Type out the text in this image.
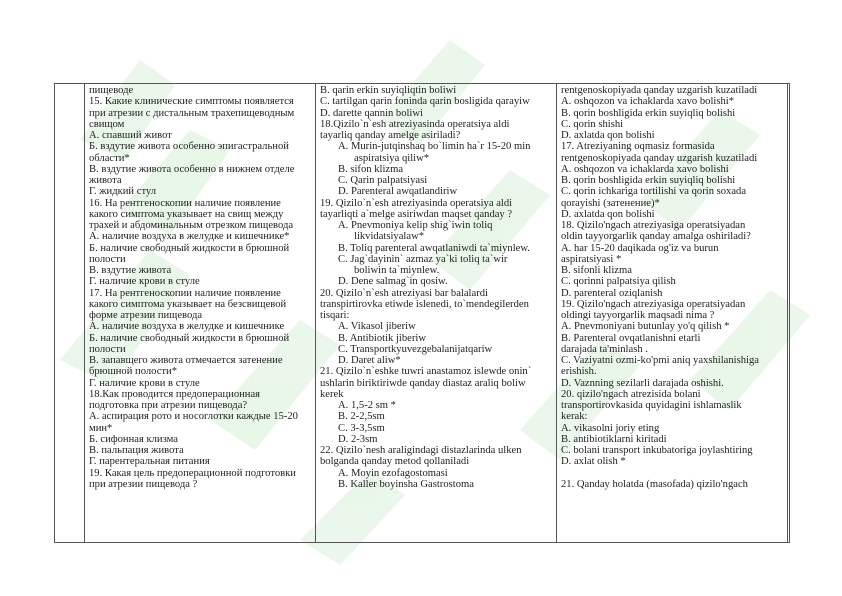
пищеводе
15. Какие клинические симптомы появляется
при атрезии с дистальным трахепищеводным
свищом
А. спавший живот
Б. вздутие живота особенно эпигастральной
области*
В. вздутие живота особенно в нижнем отделе
живота
Г. жидкий стул
16. На рентгеноскопии наличие появление
какого симптома указывает на свищ между
трахей и абдоминальным отрезком пищевода
А. наличие воздуха в желудке и кишечнике*
Б. наличие свободный жидкости в брюшной
полости
В. вздутие живота
Г. наличие крови в стуле
17. На рентгеноскопии наличие появление
какого симптома указывает на безсвищевой
форме атрезии пищевода
А. наличие воздуха в желудке и кишечнике
Б. наличие свободный жидкости в брюшной
полости
В. запавщего живота отмечается затенение
брюшной полости*
Г. наличие крови в стуле
18.Как проводится предоперационная
подготовка при атрезии пищевода?
А. аспирация рото и носоглотки каждые 15-20
мин*
Б. сифонная клизма
В. пальпация живота
Г. парентеральная питания
19. Какая цель предоперационной подготовки
при атрезии пищевода ?

B. qarin erkin suyiqliqtin boliwi
C. tartilgan qarin foninda qarin bosligida qarayiw
D. darette qannin boliwi
18.Qizilo`n`esh atreziyasinda operatsiya aldi
tayarliq qanday amelge asiriladi?
A. Murin-jutqinshaq bo`limin ha`r 15-20 min
aspiratsiya qiliw*
B. sifon klizma
C. Qarin palpatsiyasi
D. Parenteral awqatlandiriw
19. Qizilo`n`esh atreziyasinda operatsiya aldi
tayarliqti a`melge asiriwdan maqset qanday ?
A. Pnevmoniya kelip shig`iwin toliq
likvidatsiyalaw*
B. Toliq parenteral awqatlaniwdi ta`miynlew.
C. Jag`dayinin` azmaz ya`ki toliq ta`wir
boliwin ta`miynlew.
D. Dene salmag`in qosiw.
20. Qizilo`n`esh atreziyasi bar balalardi
transpirtirovka etiwde islenedi, to`mendegilerden
tisqari:
A. Vikasol jiberiw
B. Antibiotik jiberiw
C. Transportkyuvezgebalanijatqariw
D. Daret aliw*
21. Qizilo`n`eshke tuwri anastamoz islewde onin`
ushlarin biriktiriwde qanday diastaz araliq boliw
kerek
A. 1,5-2 sm *
B. 2-2,5sm
C. 3-3,5sm
D. 2-3sm
22. Qizilo`nesh araligindagi distazlarinda ulken
bolganda qanday metod qollaniladi
A. Moyin ezofagostomasi
B. Kaller boyinsha Gastrostoma

rentgenoskopiyada qanday uzgarish kuzatiladi
A. oshqozon va ichaklarda xavo bolishi*
B. qorin boshligida erkin suyiqliq bolishi
C. qorin shishi
D. axlatda qon bolishi
17. Atreziyaning oqmasiz formasida
rentgenoskopiyada qanday uzgarish kuzatiladi
A. oshqozon va ichaklarda xavo bolishi
B. qorin boshligida erkin suyiqliq bolishi
C. qorin ichkariga tortilishi va qorin soxada
qorayishi (затенение)*
D. axlatda qon bolishi
18. Qizilo'ngach atreziyasiga operatsiyadan
oldin tayyorgarlik qanday amalga oshiriladi?
A. har 15-20 daqikada og'iz va burun
aspiratsiyasi *
B. sifonli klizma
C. qorinni palpatsiya qilish
D. parenteral oziqlanish
19. Qizilo'ngach atreziyasiga operatsiyadan
oldingi tayyorgarlik maqsadi nima ?
A. Pnevmoniyani butunlay yo'q qilish *
B. Parenteral ovqatlanishni etarli
darajada ta'minlash .
C. Vaziyatni ozmi-ko'pmi aniq yaxshilanishiga
erishish.
D. Vaznning sezilarli darajada oshishi.
20. qizilo'ngach atrezisida bolani
transportirovkasida quyidagini ishlamaslik
kerak:
A. vikasolni joriy eting
B. antibiotiklarni kiritadi
C. bolani transport inkubatoriga joylashtiring
D. axlat olish *

21. Qanday holatda (masofada) qizilo'ngach
